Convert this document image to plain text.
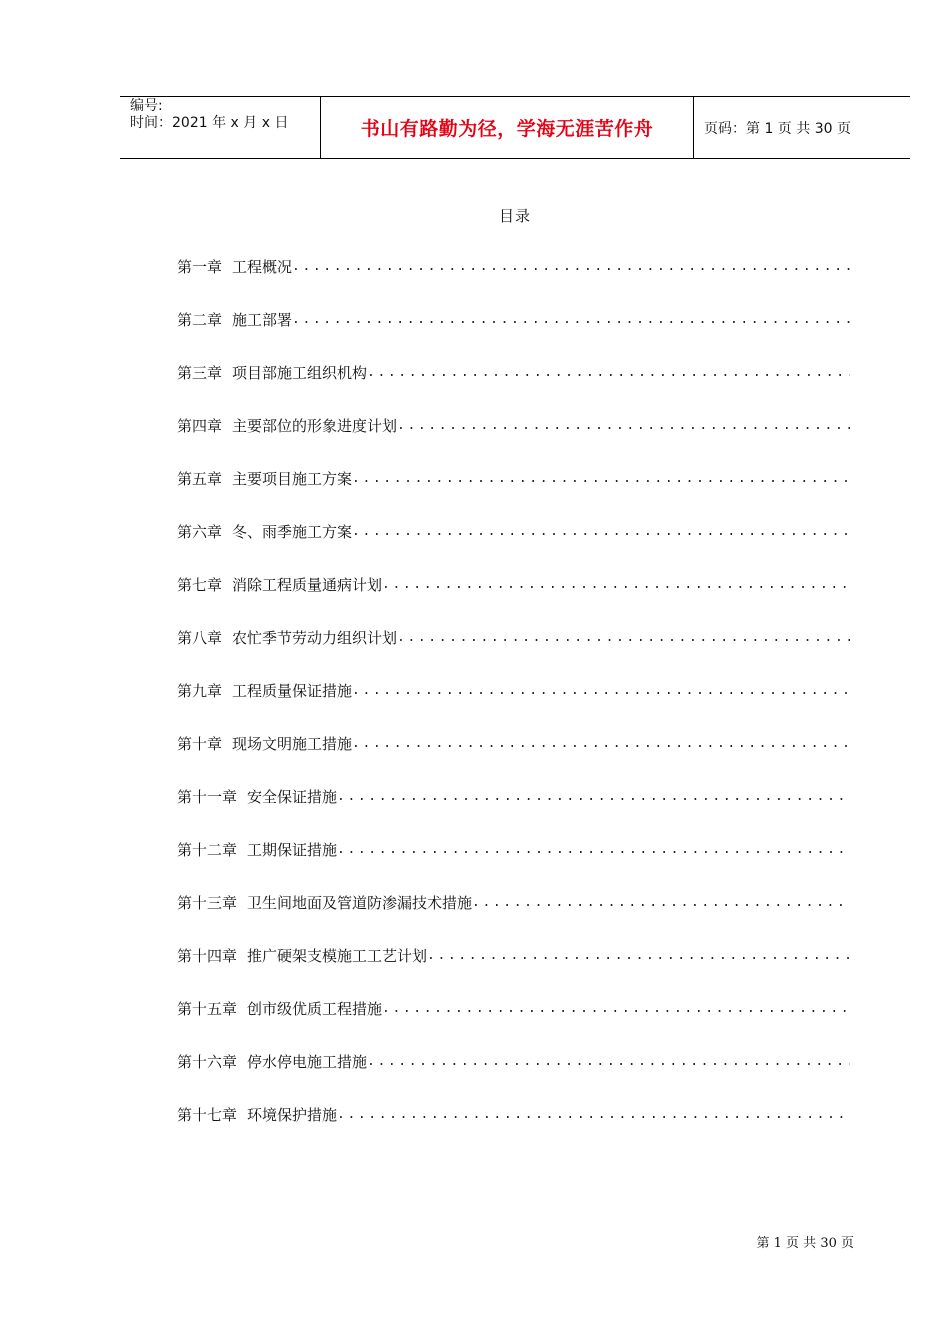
编号:
时间：2021 年 x 月 x 日	书山有路勤为径，学海无涯苦作舟	页码：第 1 页 共 30 页
目录
第一章 工程概况
.....
第二章 施工部署
.....
第三章 项目部施工组织机构
.....
第四章 主要部位的形象进度计划
.....
第五章 主要项目施工方案
.....
第六章 冬、雨季施工方案
.....
第七章 消除工程质量通病计划
.....
第八章 农忙季节劳动力组织计划
.....
第九章 工程质量保证措施
.....
第十章 现场文明施工措施
.....
第十一章 安全保证措施
.....
第十二章 工期保证措施
.....
第十三章 卫生间地面及管道防渗漏技术措施
.....
第十四章 推广硬架支模施工工艺计划
.....
第十五章 创市级优质工程措施
.....
第十六章 停水停电施工措施
.....
第十七章 环境保护措施
.....
第 1 页 共 30 页
